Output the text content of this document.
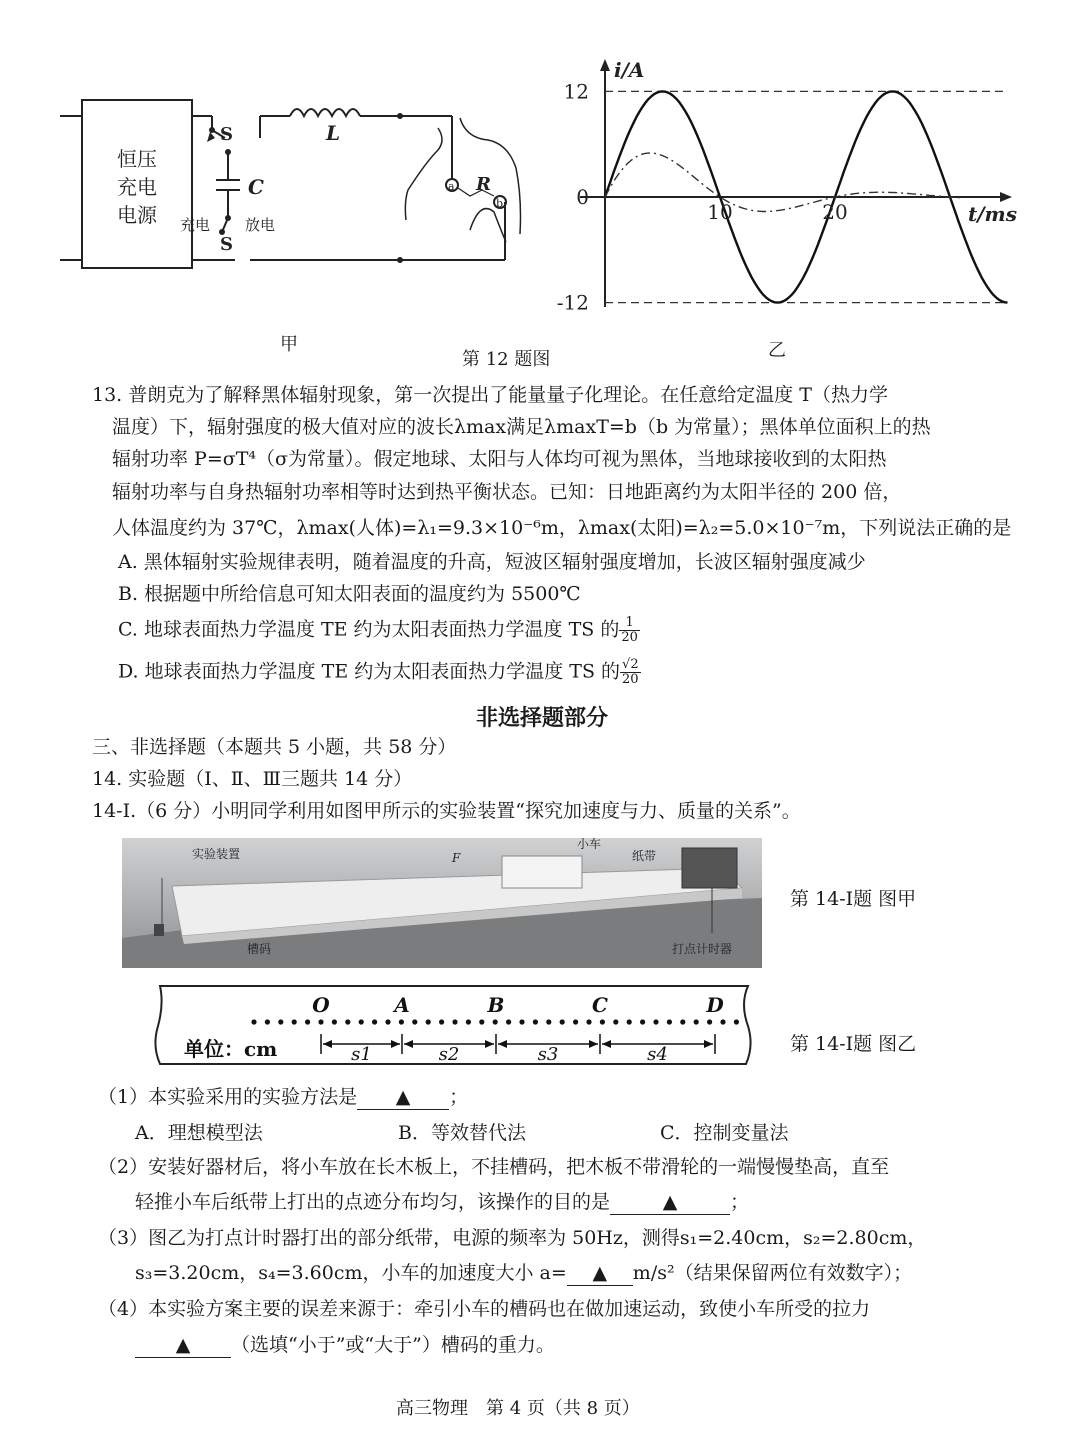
恒压
充电
电源
S
S
L
C	R
a
b
充电 放电
甲
i/A
t/ms
12
0
-12
10	20
乙
第 12 题图
13. 普朗克为了解释黑体辐射现象，第一次提出了能量量子化理论。在任意给定温度 T（热力学
温度）下，辐射强度的极大值对应的波长λmax满足λmaxT=b（b 为常量）；黑体单位面积上的热
辐射功率 P=σT⁴（σ为常量）。假定地球、太阳与人体均可视为黑体，当地球接收到的太阳热
辐射功率与自身热辐射功率相等时达到热平衡状态。已知：日地距离约为太阳半径的 200 倍，
人体温度约为 37℃，λmax(人体)=λ₁=9.3×10⁻⁶m，λmax(太阳)=λ₂=5.0×10⁻⁷m，下列说法正确的是
A. 黑体辐射实验规律表明，随着温度的升高，短波区辐射强度增加，长波区辐射强度减少
B. 根据题中所给信息可知太阳表面的温度约为 5500℃
C. 地球表面热力学温度 TE 约为太阳表面热力学温度 TS 的 $\frac{1}{20}$
D. 地球表面热力学温度 TE 约为太阳表面热力学温度 TS 的 $\frac{√2}{20}$
非选择题部分
三、非选择题（本题共 5 小题，共 58 分）
14. 实验题（Ⅰ、Ⅱ、Ⅲ三题共 14 分）
14-Ⅰ.（6 分）小明同学利用如图甲所示的实验装置“探究加速度与力、质量的关系”。
实验装置	F
小车
纸带
槽码	打点计时器
第 14-Ⅰ题 图甲
O	A	B	C	D
单位：cm	s1	s2	s3	s4	第 14-Ⅰ题 图乙
（1）本实验采用的实验方法是 ▲ ；
A．理想模型法	B．等效替代法	C．控制变量法
（2）安装好器材后，将小车放在长木板上，不挂槽码，把木板不带滑轮的一端慢慢垫高，直至
轻推小车后纸带上打出的点迹分布均匀，该操作的目的是	▲	；
（3）图乙为打点计时器打出的部分纸带，电源的频率为 50Hz，测得s₁=2.40cm，s₂=2.80cm，
s₃=3.20cm，s₄=3.60cm，小车的加速度大小 a= ▲ m/s²（结果保留两位有效数字）；
（4）本实验方案主要的误差来源于：牵引小车的槽码也在做加速运动，致使小车所受的拉力
▲ （选填“小于”或“大于”）槽码的重力。
高三物理　第 4 页（共 8 页）
